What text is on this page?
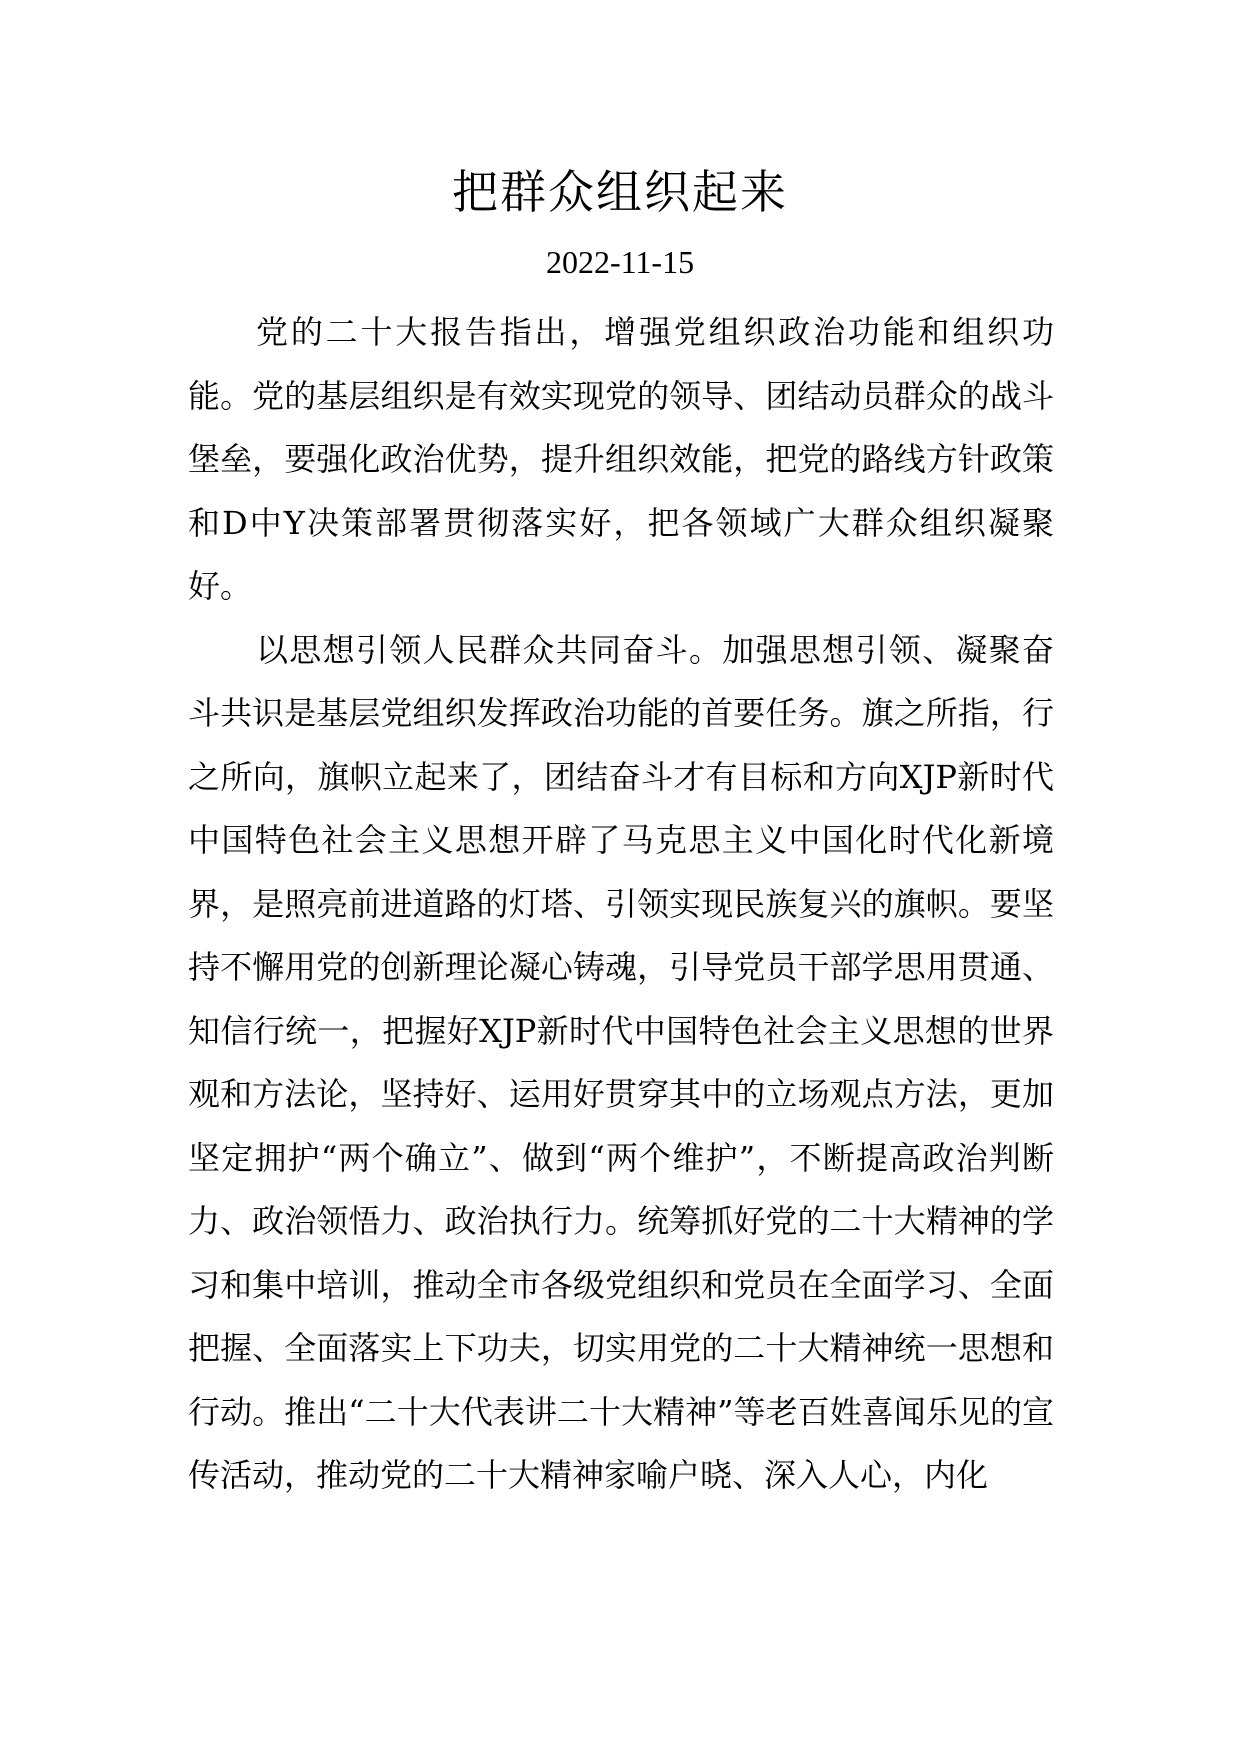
把群众组织起来
2022-11-15

党的二十大报告指出，增强党组织政治功能和组织功能。党的基层组织是有效实现党的领导、团结动员群众的战斗堡垒，要强化政治优势，提升组织效能，把党的路线方针政策和D中Y决策部署贯彻落实好，把各领域广大群众组织凝聚好。

以思想引领人民群众共同奋斗。加强思想引领、凝聚奋斗共识是基层党组织发挥政治功能的首要任务。旗之所指，行之所向，旗帜立起来了，团结奋斗才有目标和方向XJP新时代中国特色社会主义思想开辟了马克思主义中国化时代化新境界，是照亮前进道路的灯塔、引领实现民族复兴的旗帜。要坚持不懈用党的创新理论凝心铸魂，引导党员干部学思用贯通、知信行统一，把握好XJP新时代中国特色社会主义思想的世界观和方法论，坚持好、运用好贯穿其中的立场观点方法，更加坚定拥护“两个确立”、做到“两个维护”，不断提高政治判断力、政治领悟力、政治执行力。统筹抓好党的二十大精神的学习和集中培训，推动全市各级党组织和党员在全面学习、全面把握、全面落实上下功夫，切实用党的二十大精神统一思想和行动。推出“二十大代表讲二十大精神”等老百姓喜闻乐见的宣传活动，推动党的二十大精神家喻户晓、深入人心，内化
